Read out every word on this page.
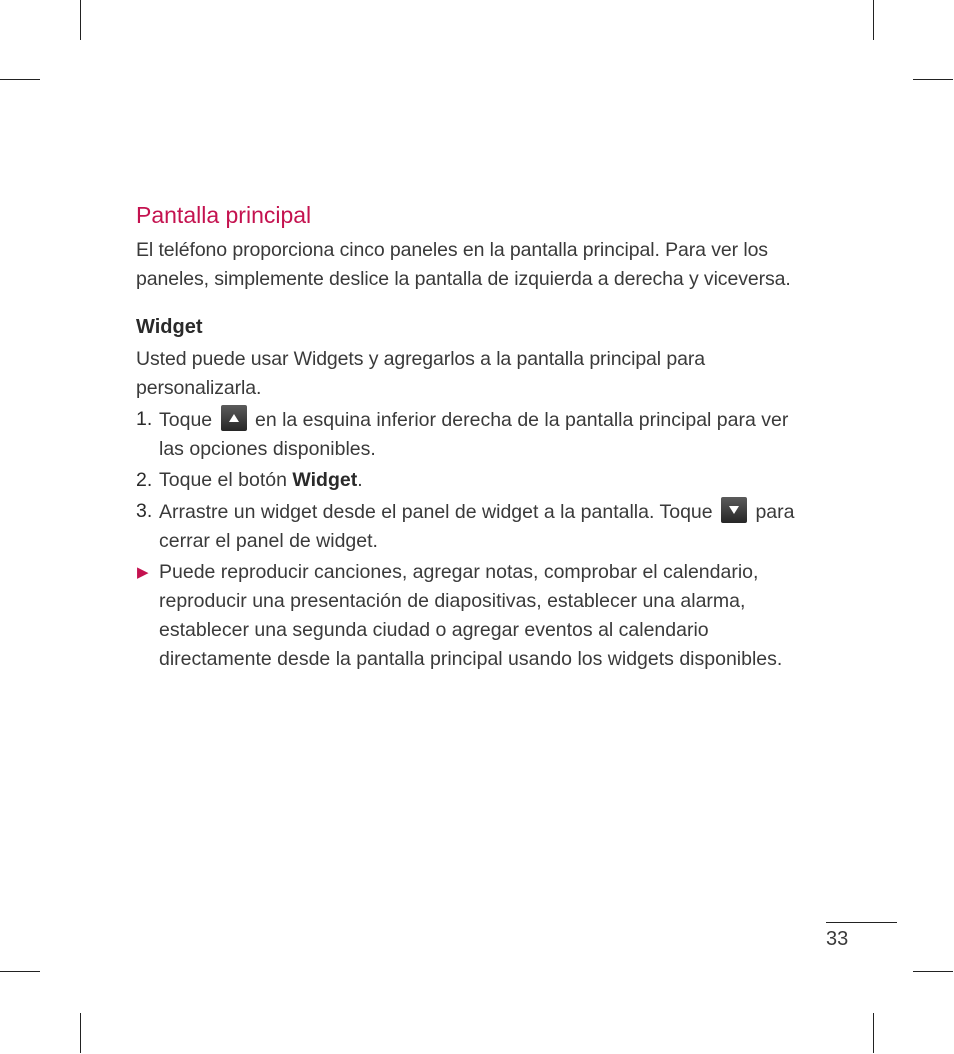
Pantalla principal

El teléfono proporciona cinco paneles en la pantalla principal. Para ver los paneles, simplemente deslice la pantalla de izquierda a derecha y viceversa.

Widget

Usted puede usar Widgets y agregarlos a la pantalla principal para personalizarla.

1. Toque en la esquina inferior derecha de la pantalla principal para ver las opciones disponibles.
2. Toque el botón Widget.
3. Arrastre un widget desde el panel de widget a la pantalla. Toque para cerrar el panel de widget.
▶ Puede reproducir canciones, agregar notas, comprobar el calendario, reproducir una presentación de diapositivas, establecer una alarma, establecer una segunda ciudad o agregar eventos al calendario directamente desde la pantalla principal usando los widgets disponibles.
33
